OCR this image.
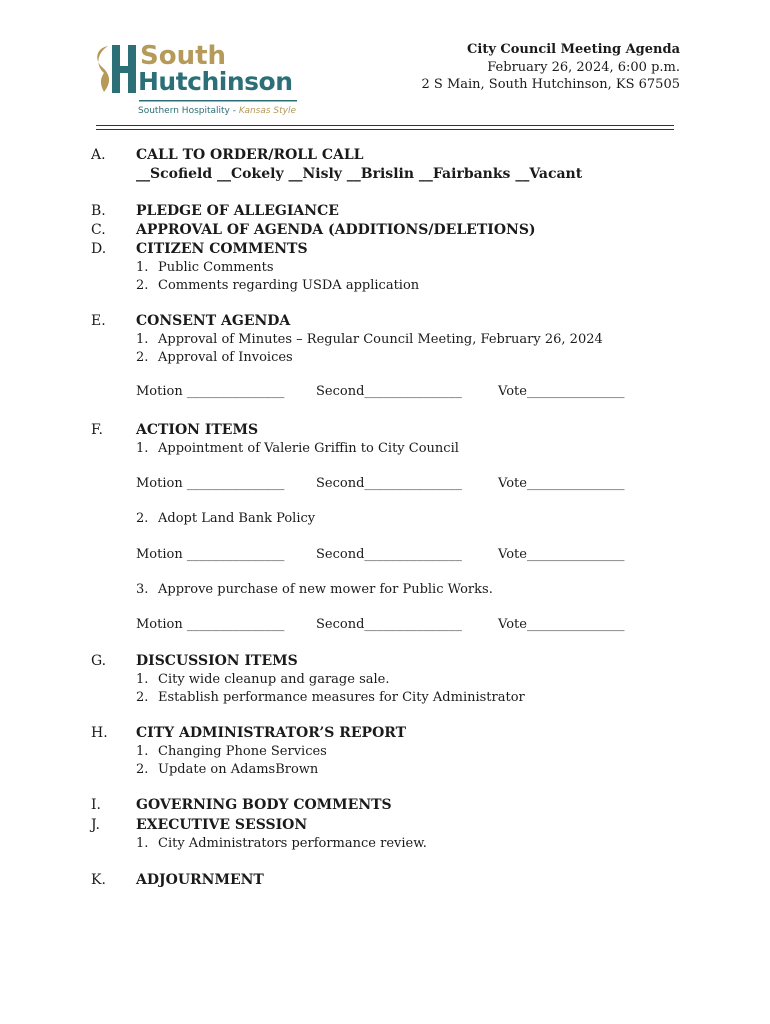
South
Hutchinson
Southern Hospitality - Kansas Style
City Council Meeting Agenda
February 26, 2024, 6:00 p.m.
2 S Main, South Hutchinson, KS 67505
A. CALL TO ORDER/ROLL CALL
__Scofield __Cokely __Nisly __Brislin __Fairbanks __Vacant
B. PLEDGE OF ALLEGIANCE
C. APPROVAL OF AGENDA (ADDITIONS/DELETIONS)
D. CITIZEN COMMENTS
1. Public Comments
2. Comments regarding USDA application
E. CONSENT AGENDA
1. Approval of Minutes – Regular Council Meeting, February 26, 2024
2. Approval of Invoices
Motion _______________ Second_______________	Vote_______________
F. ACTION ITEMS
1. Appointment of Valerie Griffin to City Council
Motion _______________ Second_______________	Vote_______________
2. Adopt Land Bank Policy
Motion _______________ Second_______________	Vote_______________
3. Approve purchase of new mower for Public Works.
Motion _______________ Second_______________	Vote_______________
G. DISCUSSION ITEMS
1. City wide cleanup and garage sale.
2. Establish performance measures for City Administrator
H. CITY ADMINISTRATOR’S REPORT
1. Changing Phone Services
2. Update on AdamsBrown
I.	GOVERNING BODY COMMENTS
J.	EXECUTIVE SESSION
1. City Administrators performance review.
K. ADJOURNMENT
